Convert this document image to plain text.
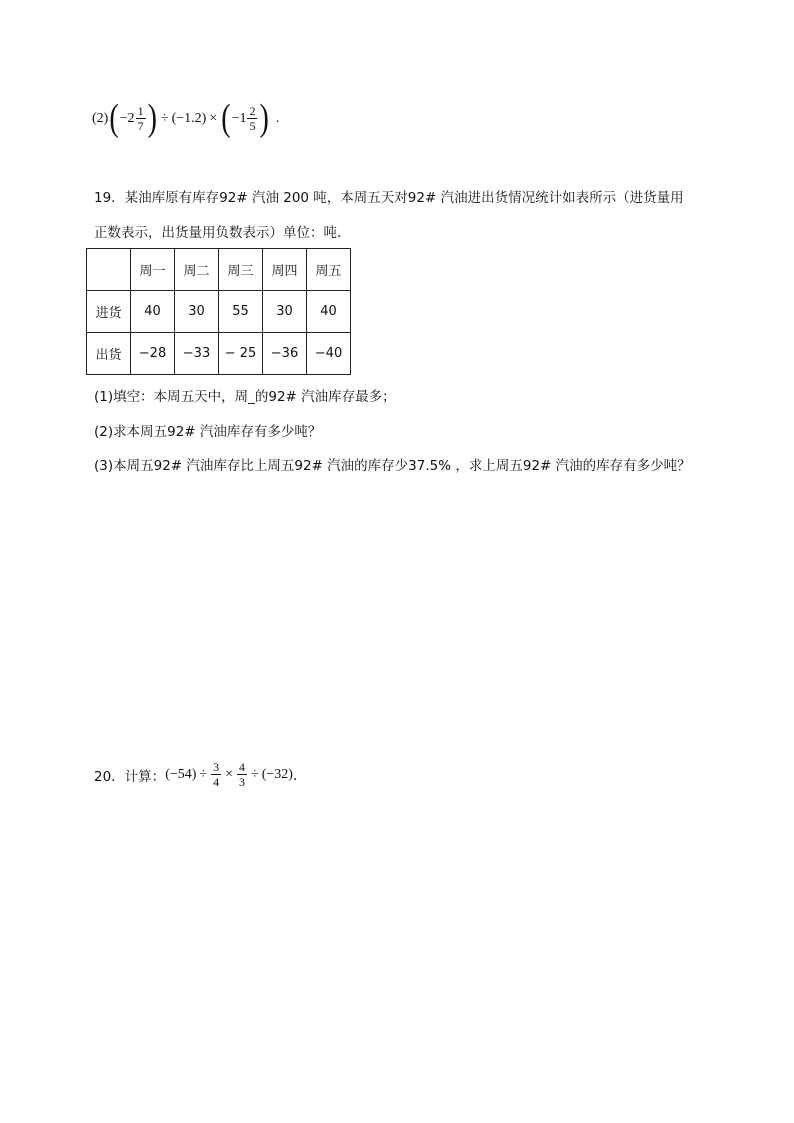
(2) ( $-2 \frac{1}{7}$ ) ÷ ( −1.2 ) × ( $-1 \frac{2}{5}$ ) .
19．某油库原有库存92# 汽油 200 吨，本周五天对92# 汽油进出货情况统计如表所示（进货量用
正数表示，出货量用负数表示）单位：吨．
	周一	周二	周三	周四	周五
进货	40	30	55	30	40
出货	−28	−33	− 25	−36	−40
(1)填空：本周五天中，周_的92# 汽油库存最多；
(2)求本周五92# 汽油库存有多少吨？
(3)本周五92# 汽油库存比上周五92# 汽油的库存少37.5% ，求上周五92# 汽油的库存有多少吨？
20．计算： $(-54) \div \frac{3}{4} \times \frac{4}{3} \div (-32)$ ．
